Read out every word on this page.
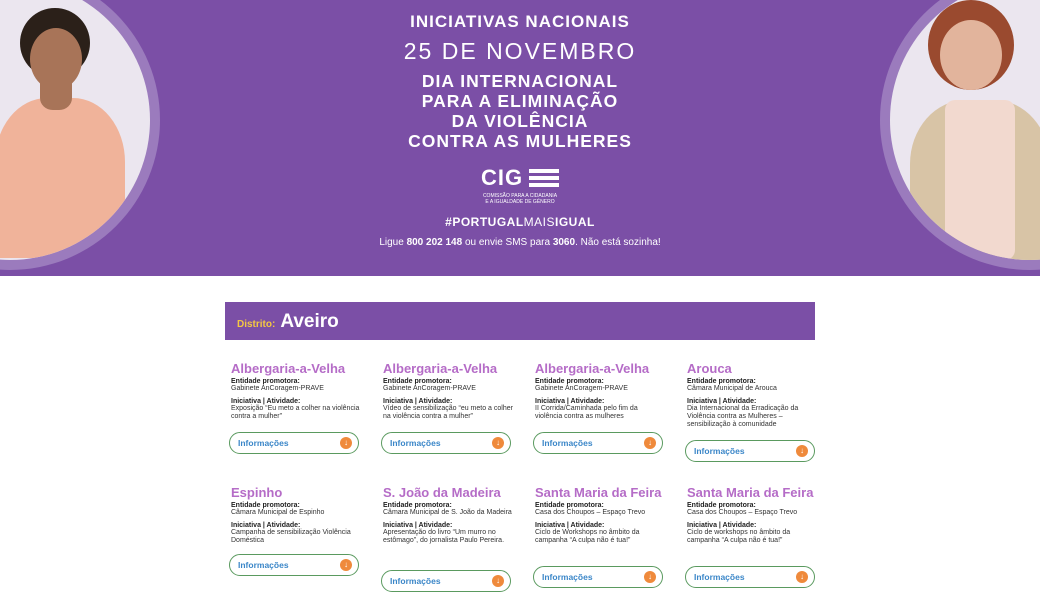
INICIATIVAS NACIONAIS
25 DE NOVEMBRO
DIA INTERNACIONAL
PARA A ELIMINAÇÃO
DA VIOLÊNCIA
CONTRA AS MULHERES
CIG
COMISSÃO PARA A CIDADANIA
E A IGUALDADE DE GÉNERO
#PORTUGALMAISIGUAL
Ligue 800 202 148 ou envie SMS para 3060. Não está sozinha!
Distrito: Aveiro
Albergaria-a-Velha
Entidade promotora:
Gabinete AnCoragem-PRAVE
Iniciativa | Atividade:
Exposição “Eu meto a colher na violência contra a mulher”
Informações	↓
Albergaria-a-Velha
Entidade promotora:
Gabinete AnCoragem-PRAVE
Iniciativa | Atividade:
Vídeo de sensibilização “eu meto a colher na violência contra a mulher”
Informações	↓
Albergaria-a-Velha
Entidade promotora:
Gabinete AnCoragem-PRAVE
Iniciativa | Atividade:
II Corrida/Caminhada pelo fim da violência contra as mulheres
Informações	↓
Arouca
Entidade promotora:
Câmara Municipal de Arouca
Iniciativa | Atividade:
Dia Internacional da Erradicação da Violência contra as Mulheres – sensibilização à comunidade
Informações	↓
Espinho
Entidade promotora:
Câmara Municipal de Espinho
Iniciativa | Atividade:
Campanha de sensibilização Violência Doméstica
Informações	↓
S. João da Madeira
Entidade promotora:
Câmara Municipal de S. João da Madeira
Iniciativa | Atividade:
Apresentação do livro “Um murro no estômago”, do jornalista Paulo Pereira.
Informações	↓
Santa Maria da Feira
Entidade promotora:
Casa dos Choupos – Espaço Trevo
Iniciativa | Atividade:
Ciclo de Workshops no âmbito da campanha “A culpa não é tua!”
Informações	↓
Santa Maria da Feira
Entidade promotora:
Casa dos Choupos – Espaço Trevo
Iniciativa | Atividade:
Ciclo de workshops no âmbito da campanha “A culpa não é tua!”
Informações	↓
